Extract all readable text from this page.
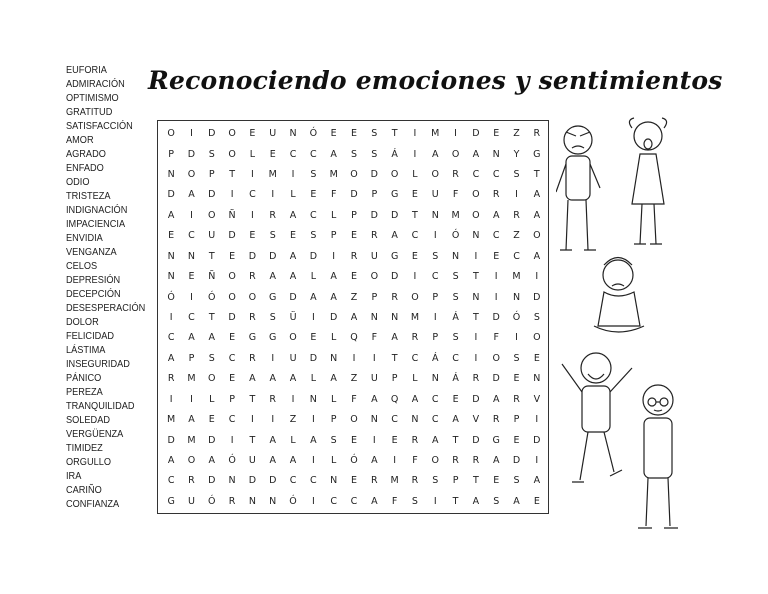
EUFORIA
ADMIRACIÓN
OPTIMISMO
GRATITUD
SATISFACCIÓN
AMOR
AGRADO
ENFADO
ODIO
TRISTEZA
INDIGNACIÓN
IMPACIENCIA
ENVIDIA
VENGANZA
CELOS
DEPRESIÓN
DECEPCIÓN
DESESPERACIÓN
DOLOR
FELICIDAD
LÁSTIMA
INSEGURIDAD
PÁNICO
PEREZA
TRANQUILIDAD
SOLEDAD
VERGÜENZA
TIMIDEZ
ORGULLO
IRA
CARIÑO
CONFIANZA
Reconociendo emociones y sentimientos
O	I	D	O	E	U	N	Ó	E	E	S	T	I	M	I	D	E	Z	R
P	D	S	O	L	E	C	C	A	S	S	Á	I	A	O	A	N	Y	G
N	O	P	T	I	M	I	S	M	O	D	O	L	O	R	C	C	S	T
D	A	D	I	C	I	L	E	F	D	P	G	E	U	F	O	R	I	A
A	I	O	Ñ	I	R	A	C	L	P	D	D	T	N	M	O	A	R	A
E	C	U	D	E	S	E	S	P	E	R	A	C	I	Ó	N	C	Z	O
N	N	T	E	D	D	A	D	I	R	U	G	E	S	N	I	E	C	A
N	E	Ñ	O	R	A	A	L	A	E	O	D	I	C	S	T	I	M	I
Ó	I	Ó	O	O	G	D	A	A	Z	P	R	O	P	S	N	I	N	D
I	C	T	D	R	S	Ü	I	D	A	N	N	M	I	Á	T	D	Ó	S
C	A	A	E	G	G	O	E	L	Q	F	A	R	P	S	I	F	I	O
A	P	S	C	R	I	U	D	N	I	I	T	C	Á	C	I	O	S	E
R	M	O	E	A	A	A	L	A	Z	U	P	L	N	Á	R	D	E	N
I	I	L	P	T	R	I	N	L	F	A	Q	A	C	E	D	A	R	V
M	A	E	C	I	I	Z	I	P	O	N	C	N	C	A	V	R	P	I
D	M	D	I	T	A	L	A	S	E	I	E	R	A	T	D	G	E	D
A	O	A	Ó	U	A	A	I	L	Ó	A	I	F	O	R	R	A	D	I
C	R	D	N	D	D	C	C	N	E	R	M	R	S	P	T	E	S	A
G	U	Ó	R	N	N	Ó	I	C	C	A	F	S	I	T	A	S	A	E
